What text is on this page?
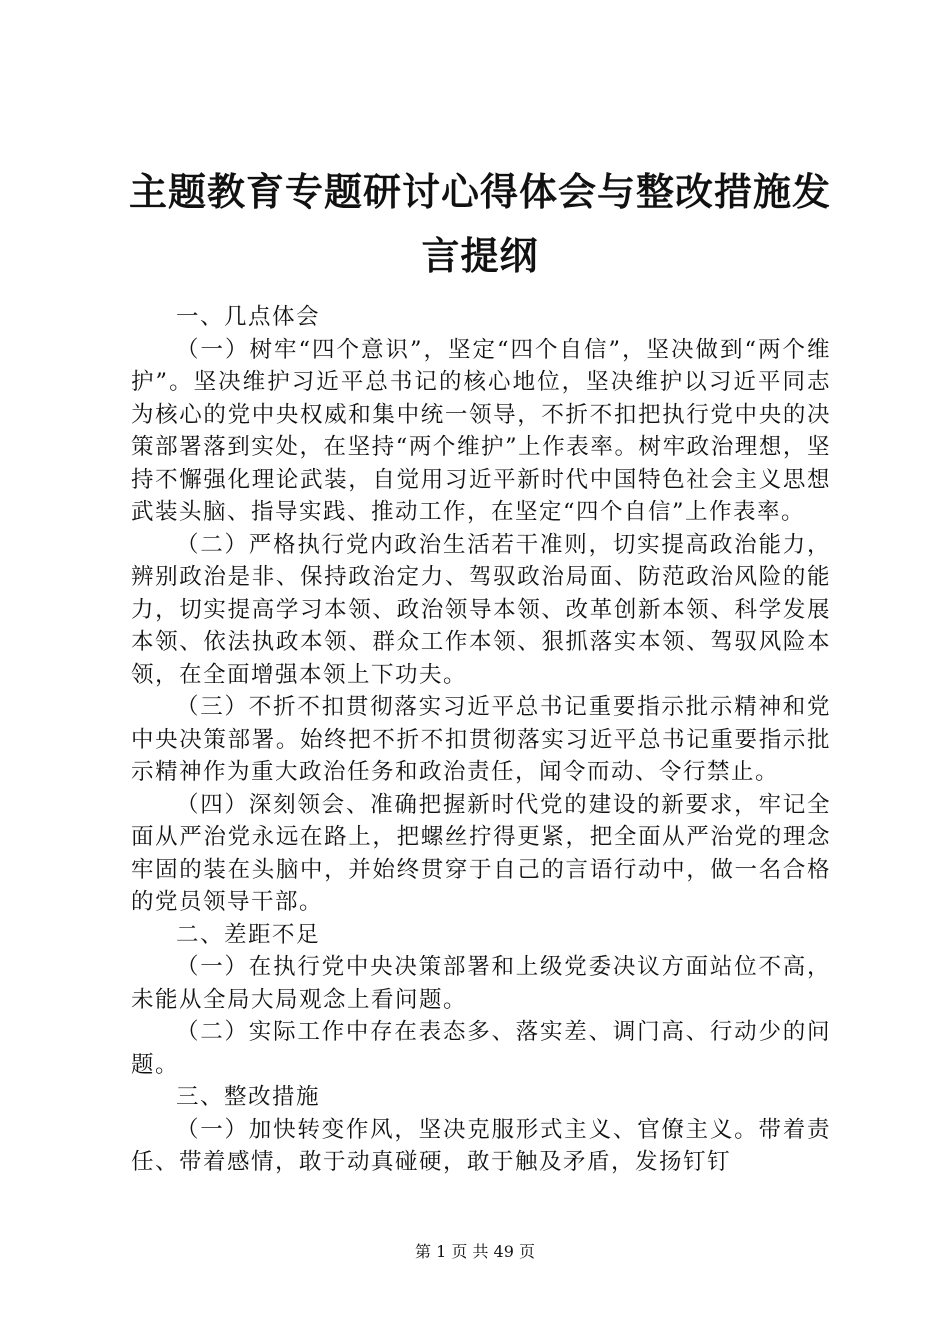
主题教育专题研讨心得体会与整改措施发言提纲

一、几点体会

（一）树牢“四个意识”，坚定“四个自信”，坚决做到“两个维护”。坚决维护习近平总书记的核心地位，坚决维护以习近平同志为核心的党中央权威和集中统一领导，不折不扣把执行党中央的决策部署落到实处，在坚持“两个维护”上作表率。树牢政治理想，坚持不懈强化理论武装，自觉用习近平新时代中国特色社会主义思想武装头脑、指导实践、推动工作，在坚定“四个自信”上作表率。

（二）严格执行党内政治生活若干准则，切实提高政治能力，辨别政治是非、保持政治定力、驾驭政治局面、防范政治风险的能力，切实提高学习本领、政治领导本领、改革创新本领、科学发展本领、依法执政本领、群众工作本领、狠抓落实本领、驾驭风险本领，在全面增强本领上下功夫。

（三）不折不扣贯彻落实习近平总书记重要指示批示精神和党中央决策部署。始终把不折不扣贯彻落实习近平总书记重要指示批示精神作为重大政治任务和政治责任，闻令而动、令行禁止。

（四）深刻领会、准确把握新时代党的建设的新要求，牢记全面从严治党永远在路上，把螺丝拧得更紧，把全面从严治党的理念牢固的装在头脑中，并始终贯穿于自己的言语行动中，做一名合格的党员领导干部。

二、差距不足

（一）在执行党中央决策部署和上级党委决议方面站位不高，未能从全局大局观念上看问题。

（二）实际工作中存在表态多、落实差、调门高、行动少的问题。

三、整改措施

（一）加快转变作风，坚决克服形式主义、官僚主义。带着责任、带着感情，敢于动真碰硬，敢于触及矛盾，发扬钉钉

第 1 页 共 49 页
